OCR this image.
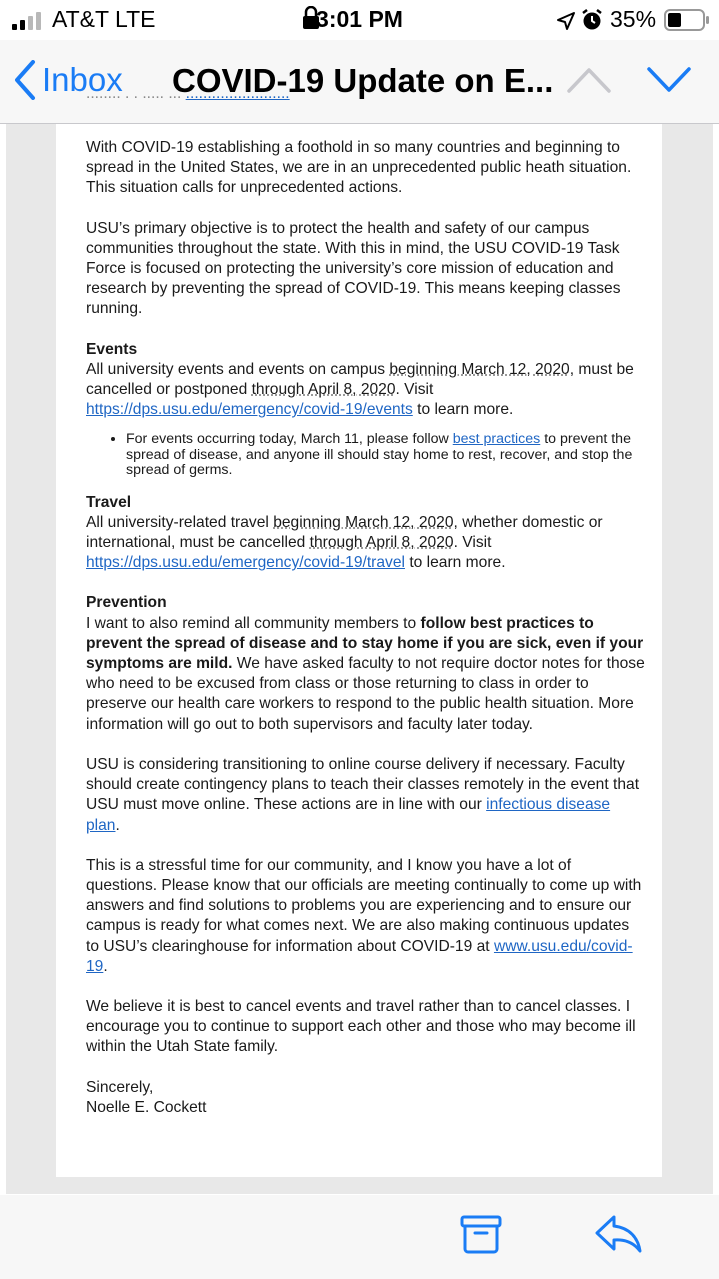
AT&T LTE	3:01 PM	35%
Inbox COVID-19 Update on E...

With COVID-19 establishing a foothold in so many countries and beginning to spread in the United States, we are in an unprecedented public heath situation. This situation calls for unprecedented actions.

USU’s primary objective is to protect the health and safety of our campus communities throughout the state. With this in mind, the USU COVID-19 Task Force is focused on protecting the university’s core mission of education and research by preventing the spread of COVID-19. This means keeping classes running.

Events

All university events and events on campus beginning March 12, 2020, must be cancelled or postponed through April 8, 2020. Visit https://dps.usu.edu/emergency/covid-19/events to learn more.

• For events occurring today, March 11, please follow best practices to prevent the spread of disease, and anyone ill should stay home to rest, recover, and stop the spread of germs.
Travel

All university-related travel beginning March 12, 2020, whether domestic or international, must be cancelled through April 8, 2020. Visit https://dps.usu.edu/emergency/covid-19/travel to learn more.

Prevention

I want to also remind all community members to follow best practices to prevent the spread of disease and to stay home if you are sick, even if your symptoms are mild. We have asked faculty to not require doctor notes for those who need to be excused from class or those returning to class in order to preserve our health care workers to respond to the public health situation. More information will go out to both supervisors and faculty later today.

USU is considering transitioning to online course delivery if necessary. Faculty should create contingency plans to teach their classes remotely in the event that USU must move online. These actions are in line with our infectious disease plan.

This is a stressful time for our community, and I know you have a lot of questions. Please know that our officials are meeting continually to come up with answers and find solutions to problems you are experiencing and to ensure our campus is ready for what comes next. We are also making continuous updates to USU’s clearinghouse for information about COVID-19 at www.usu.edu/covid-19.

We believe it is best to cancel events and travel rather than to cancel classes. I encourage you to continue to support each other and those who may become ill within the Utah State family.

Sincerely,
Noelle E. Cockett
